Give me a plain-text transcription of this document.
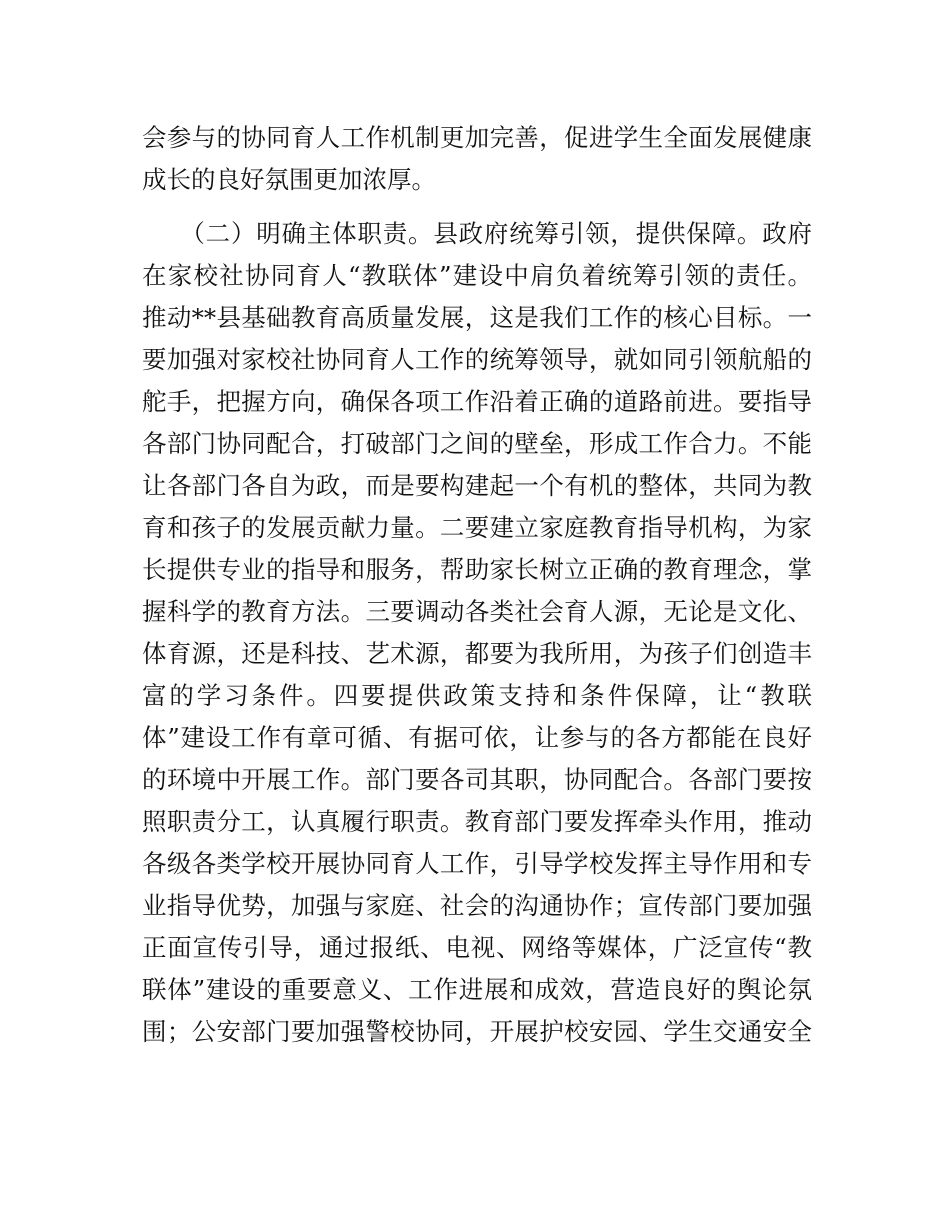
会参与的协同育人工作机制更加完善，促进学生全面发展健康
成长的良好氛围更加浓厚。
　　（二）明确主体职责。县政府统筹引领，提供保障。政府
在家校社协同育人“教联体”建设中肩负着统筹引领的责任。
推动**县基础教育高质量发展，这是我们工作的核心目标。一
要加强对家校社协同育人工作的统筹领导，就如同引领航船的
舵手，把握方向，确保各项工作沿着正确的道路前进。要指导
各部门协同配合，打破部门之间的壁垒，形成工作合力。不能
让各部门各自为政，而是要构建起一个有机的整体，共同为教
育和孩子的发展贡献力量。二要建立家庭教育指导机构，为家
长提供专业的指导和服务，帮助家长树立正确的教育理念，掌
握科学的教育方法。三要调动各类社会育人源，无论是文化、
体育源，还是科技、艺术源，都要为我所用，为孩子们创造丰
富的学习条件。四要提供政策支持和条件保障，让“教联
体”建设工作有章可循、有据可依，让参与的各方都能在良好
的环境中开展工作。部门要各司其职，协同配合。各部门要按
照职责分工，认真履行职责。教育部门要发挥牵头作用，推动
各级各类学校开展协同育人工作，引导学校发挥主导作用和专
业指导优势，加强与家庭、社会的沟通协作；宣传部门要加强
正面宣传引导，通过报纸、电视、网络等媒体，广泛宣传“教
联体”建设的重要意义、工作进展和成效，营造良好的舆论氛
围；公安部门要加强警校协同，开展护校安园、学生交通安全
